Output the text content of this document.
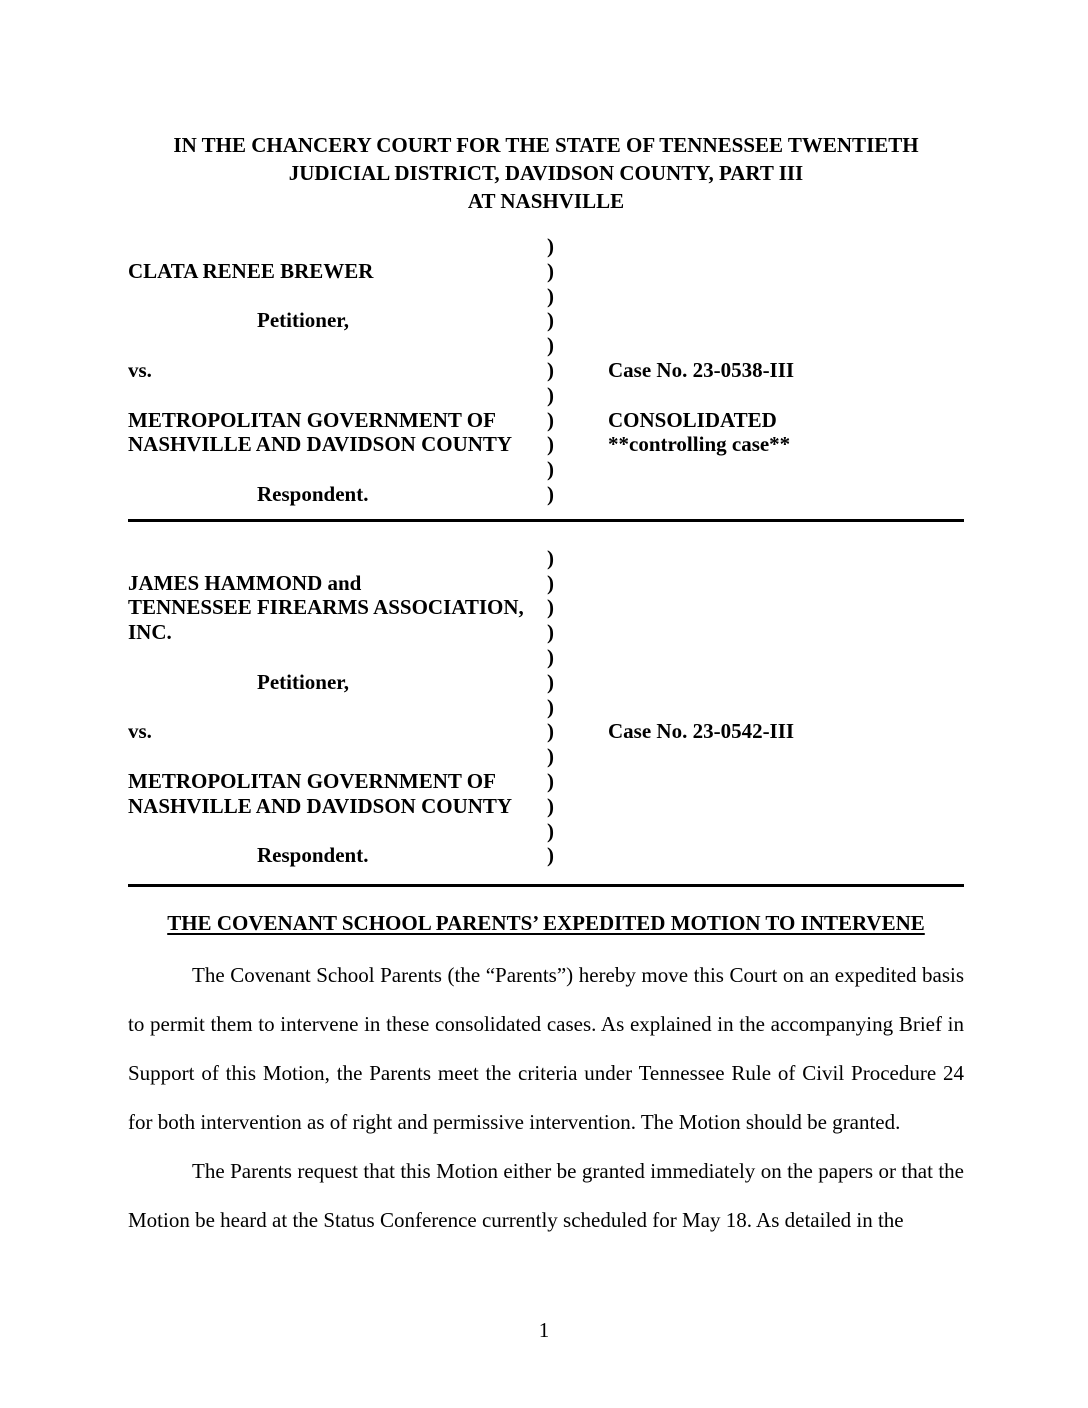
IN THE CHANCERY COURT FOR THE STATE OF TENNESSEE TWENTIETH
JUDICIAL DISTRICT, DAVIDSON COUNTY, PART III
AT NASHVILLE
)
CLATA RENEE BREWER	)
)
Petitioner,	)
)
vs.	)	Case No. 23-0538-III
)
METROPOLITAN GOVERNMENT OF	)	CONSOLIDATED
NASHVILLE AND DAVIDSON COUNTY	)	**controlling case**
)
Respondent.	)
)
JAMES HAMMOND and	)
TENNESSEE FIREARMS ASSOCIATION,	)
INC.	)
)
Petitioner,	)
)
vs.	)	Case No. 23-0542-III
)
METROPOLITAN GOVERNMENT OF	)
NASHVILLE AND DAVIDSON COUNTY	)
)
Respondent.	)
THE COVENANT SCHOOL PARENTS’ EXPEDITED MOTION TO INTERVENE

The Covenant School Parents (the “Parents”) hereby move this Court on an expedited basis to permit them to intervene in these consolidated cases. As explained in the accompanying Brief in Support of this Motion, the Parents meet the criteria under Tennessee Rule of Civil Procedure 24 for both intervention as of right and permissive intervention. The Motion should be granted.

The Parents request that this Motion either be granted immediately on the papers or that the Motion be heard at the Status Conference currently scheduled for May 18. As detailed in the

1
